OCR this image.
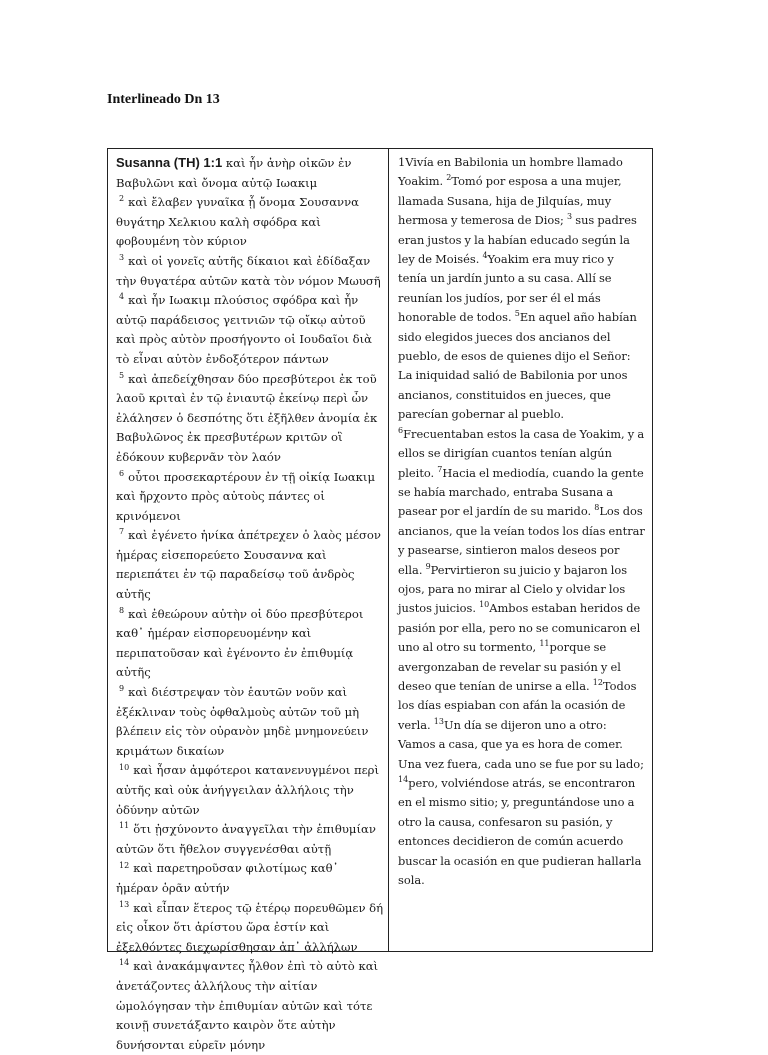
Interlineado Dn 13
Susanna (TH) 1:1 καὶ ἦν ἀνὴρ οἰκῶν ἐν Βαβυλῶνι καὶ ὄνομα αὐτῷ Ιωακιμ
$^2$ καὶ ἔλαβεν γυναῖκα ᾗ ὄνομα Σουσαννα θυγάτηρ Χελκιου καλὴ σφόδρα καὶ φοβουμένη τὸν κύριον
$^3$ καὶ οἱ γονεῖς αὐτῆς δίκαιοι καὶ ἐδίδαξαν τὴν θυγατέρα αὐτῶν κατὰ τὸν νόμον Μωυσῆ
$^4$ καὶ ἦν Ιωακιμ πλούσιος σφόδρα καὶ ἦν αὐτῷ παράδεισος γειτνιῶν τῷ οἴκῳ αὐτοῦ καὶ πρὸς αὐτὸν προσήγοντο οἱ Ιουδαῖοι διὰ τὸ εἶναι αὐτὸν ἐνδοξότερον πάντων
$^5$ καὶ ἀπεδείχθησαν δύο πρεσβύτεροι ἐκ τοῦ λαοῦ κριταὶ ἐν τῷ ἐνιαυτῷ ἐκείνῳ περὶ ὧν ἐλάλησεν ὁ δεσπότης ὅτι ἐξῆλθεν ἀνομία ἐκ Βαβυλῶνος ἐκ πρεσβυτέρων κριτῶν οἳ ἐδόκουν κυβερνᾶν τὸν λαόν
$^6$ οὗτοι προσεκαρτέρουν ἐν τῇ οἰκίᾳ Ιωακιμ καὶ ἤρχοντο πρὸς αὐτοὺς πάντες οἱ κρινόμενοι
$^7$ καὶ ἐγένετο ἡνίκα ἀπέτρεχεν ὁ λαὸς μέσον ἡμέρας εἰσεπορεύετο Σουσαννα καὶ περιεπάτει ἐν τῷ παραδείσῳ τοῦ ἀνδρὸς αὐτῆς
$^8$ καὶ ἐθεώρουν αὐτὴν οἱ δύο πρεσβύτεροι καθ᾽ ἡμέραν εἰσπορευομένην καὶ περιπατοῦσαν καὶ ἐγένοντο ἐν ἐπιθυμίᾳ αὐτῆς
$^9$ καὶ διέστρεψαν τὸν ἑαυτῶν νοῦν καὶ ἐξέκλιναν τοὺς ὀφθαλμοὺς αὐτῶν τοῦ μὴ βλέπειν εἰς τὸν οὐρανὸν μηδὲ μνημονεύειν κριμάτων δικαίων
$^{10}$ καὶ ἦσαν ἀμφότεροι κατανενυγμένοι περὶ αὐτῆς καὶ οὐκ ἀνήγγειλαν ἀλλήλοις τὴν ὀδύνην αὐτῶν
$^{11}$ ὅτι ᾐσχύνοντο ἀναγγεῖλαι τὴν ἐπιθυμίαν αὐτῶν ὅτι ἤθελον συγγενέσθαι αὐτῇ
$^{12}$ καὶ παρετηροῦσαν φιλοτίμως καθ᾽ ἡμέραν ὁρᾶν αὐτήν
$^{13}$ καὶ εἶπαν ἕτερος τῷ ἑτέρῳ πορευθῶμεν δή εἰς οἶκον ὅτι ἀρίστου ὥρα ἐστίν καὶ ἐξελθόντες διεχωρίσθησαν ἀπ᾽ ἀλλήλων
$^{14}$ καὶ ἀνακάμψαντες ἦλθον ἐπὶ τὸ αὐτὸ καὶ ἀνετάζοντες ἀλλήλους τὴν αἰτίαν ὡμολόγησαν τὴν ἐπιθυμίαν αὐτῶν καὶ τότε κοινῇ συνετάξαντο καιρὸν ὅτε αὐτὴν δυνήσονται εὑρεῖν μόνην
1Vivía en Babilonia un hombre llamado Yoakim. $^2$Tomó por esposa a una mujer, llamada Susana, hija de Jilquías, muy hermosa y temerosa de Dios; $^3$ sus padres eran justos y la habían educado según la ley de Moisés. $^4$Yoakim era muy rico y tenía un jardín junto a su casa. Allí se reunían los judíos, por ser él el más honorable de todos. $^5$En aquel año habían sido elegidos jueces dos ancianos del pueblo, de esos de quienes dijo el Señor: La iniquidad salió de Babilonia por unos ancianos, constituidos en jueces, que parecían gobernar al pueblo. $^6$Frecuentaban estos la casa de Yoakim, y a ellos se dirigían cuantos tenían algún pleito. $^7$Hacia el mediodía, cuando la gente se había marchado, entraba Susana a pasear por el jardín de su marido. $^8$Los dos ancianos, que la veían todos los días entrar y pasearse, sintieron malos deseos por ella. $^9$Pervirtieron su juicio y bajaron los ojos, para no mirar al Cielo y olvidar los justos juicios. $^{10}$Ambos estaban heridos de pasión por ella, pero no se comunicaron el uno al otro su tormento, $^{11}$porque se avergonzaban de revelar su pasión y el deseo que tenían de unirse a ella. $^{12}$Todos los días espiaban con afán la ocasión de verla. $^{13}$Un día se dijeron uno a otro: Vamos a casa, que ya es hora de comer. Una vez fuera, cada uno se fue por su lado; $^{14}$pero, volviéndose atrás, se encontraron en el mismo sitio; y, preguntándose uno a otro la causa, confesaron su pasión, y entonces decidieron de común acuerdo buscar la ocasión en que pudieran hallarla sola.
